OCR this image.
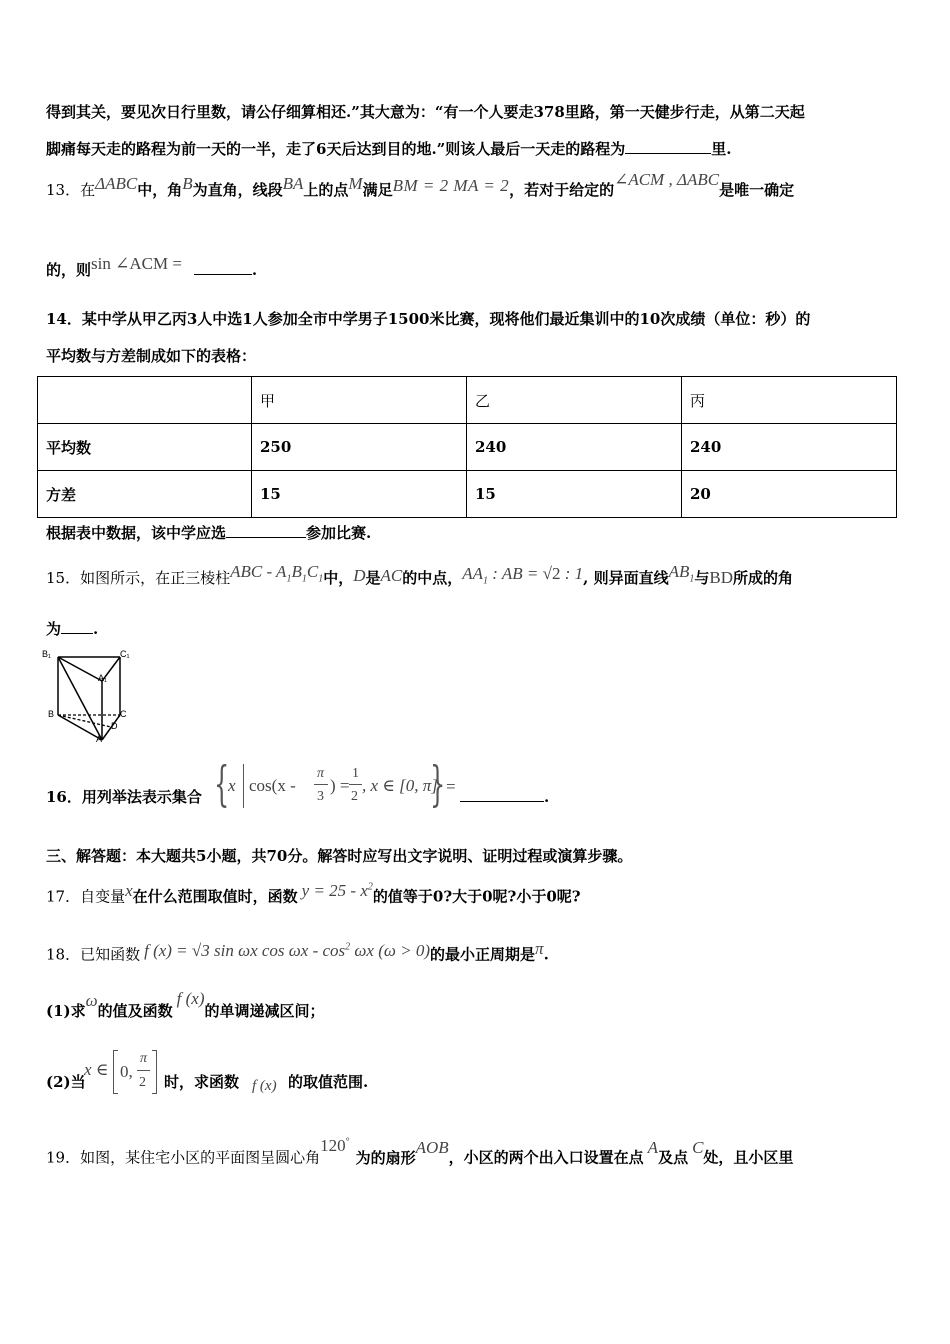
得到其关，要见次日行里数，请公仔细算相还.”其大意为：“有一个人要走378里路，第一天健步行走，从第二天起
脚痛每天走的路程为前一天的一半，走了6天后达到目的地.”则该人最后一天走的路程为	里.
13．在ΔABC中，角B为直角，线段BA上的点M满足BM = 2 MA = 2，若对于给定的∠ACM , ΔABC是唯一确定
的，则sin ∠ACM =	.
14．某中学从甲乙丙3人中选1人参加全市中学男子1500米比赛，现将他们最近集训中的10次成绩（单位：秒）的
平均数与方差制成如下的表格：
	甲	乙	丙
平均数	250	240	240
方差	15	15	20
根据表中数据，该中学应选	参加比赛.
15．如图所示，在正三棱柱ABC - $A_1B_1C_1$中，D是AC的中点，$AA_1$ : AB = √2 : 1, 则异面直线$AB_1$与BD所成的角
为 .
B₁	C₁
A₁
B	C
D
A
16．用列举法表示集合 {
x cos(x -
π
3
) =
1
2
, x ∈ [0, π]
} =
.
三、解答题：本大题共5小题，共70分。解答时应写出文字说明、证明过程或演算步骤。
17．自变量x在什么范围取值时，函数 $y = 25 - x^2$的值等于0?大于0呢?小于0呢?
18．已知函数 f (x) = √3 sin ωx cos ωx - $\cos^2 \omega x$ (ω > 0)的最小正周期是π.
(1)求ω的值及函数f (x)的单调递减区间；
(2)当
x ∈ 0,
π
2 时，求函数 f (x) 的取值范围.
19．如图，某住宅小区的平面图呈圆心角120°为的扇形AOB，小区的两个出入口设置在点A及点C处，且小区里
